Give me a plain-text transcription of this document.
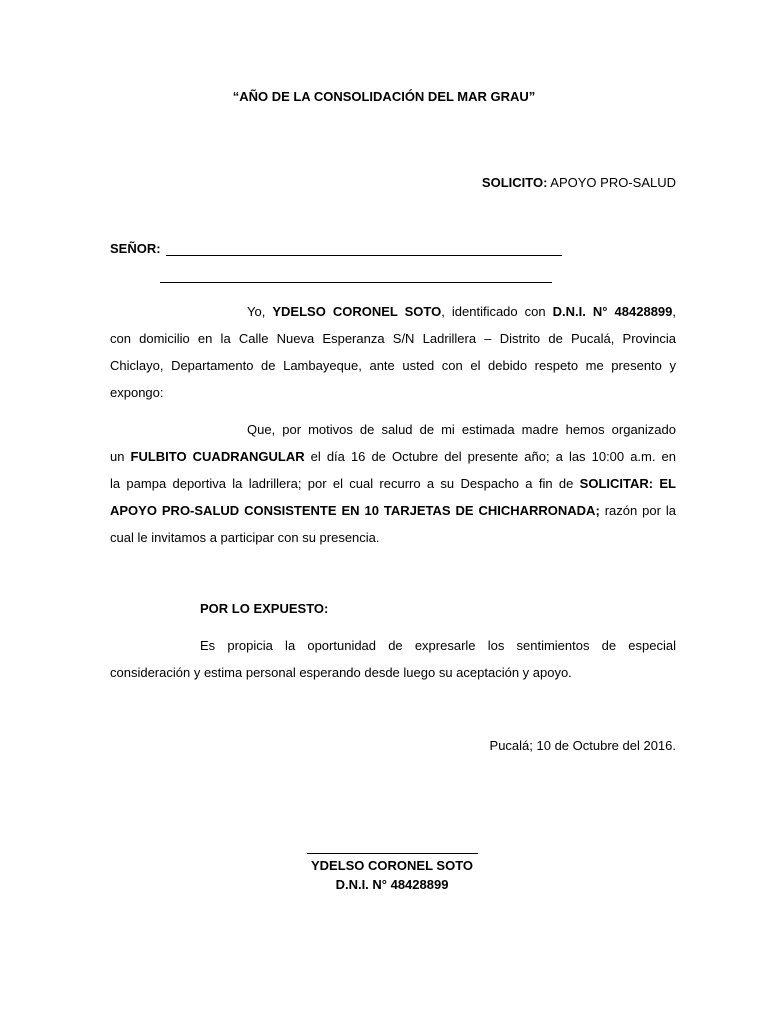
“AÑO DE LA CONSOLIDACIÓN DEL MAR GRAU”
SOLICITO: APOYO PRO-SALUD
SEÑOR:
Yo, YDELSO CORONEL SOTO, identificado con D.N.I. N° 48428899,
con domicilio en la Calle Nueva Esperanza S/N Ladrillera – Distrito de Pucalá, Provincia
Chiclayo, Departamento de Lambayeque, ante usted con el debido respeto me presento y
expongo:
Que, por motivos de salud de mi estimada madre hemos organizado
un FULBITO CUADRANGULAR el día 16 de Octubre del presente año; a las 10:00 a.m. en
la pampa deportiva la ladrillera; por el cual recurro a su Despacho a fin de SOLICITAR: EL
APOYO PRO-SALUD CONSISTENTE EN 10 TARJETAS DE CHICHARRONADA; razón por la
cual le invitamos a participar con su presencia.
POR LO EXPUESTO:
Es propicia la oportunidad de expresarle los sentimientos de especial
consideración y estima personal esperando desde luego su aceptación y apoyo.
Pucalá; 10 de Octubre del 2016.
YDELSO CORONEL SOTO
D.N.I. N° 48428899
